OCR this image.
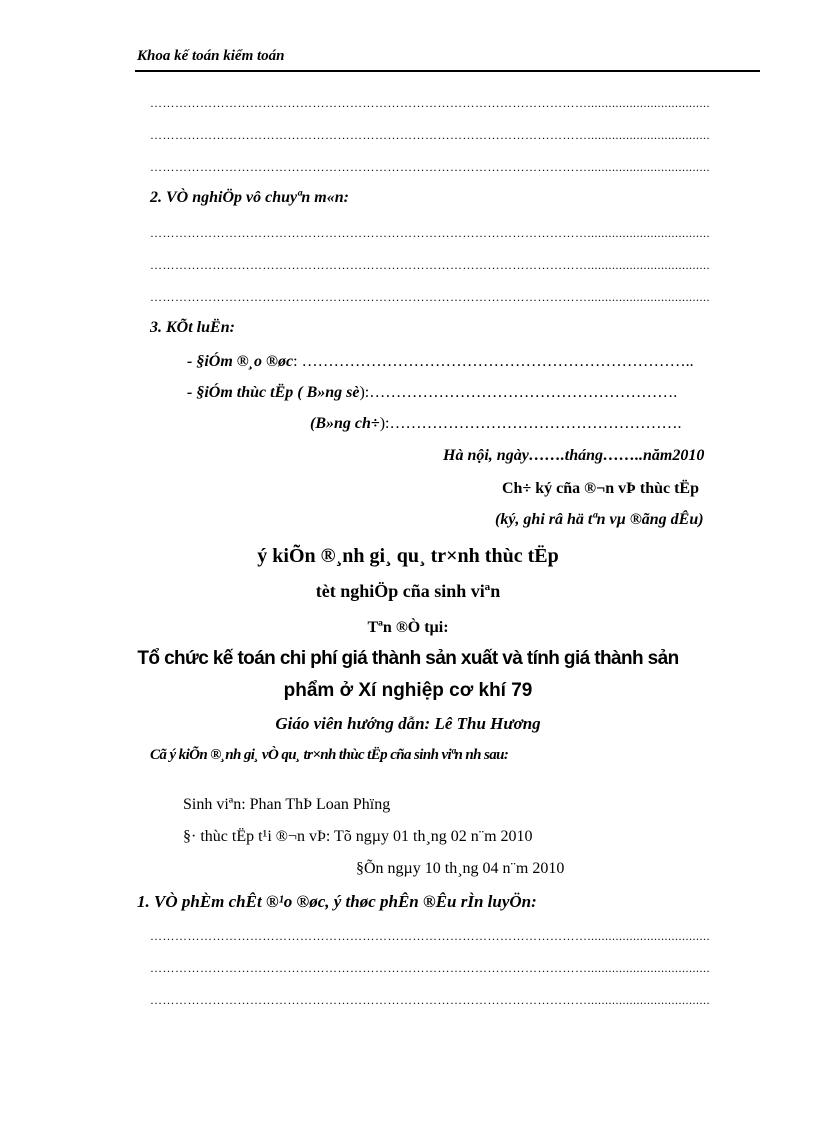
Khoa kế toán kiểm toán
……………………………………………………………………………………………...................................
……………………………………………………………………………………………...................................
……………………………………………………………………………………………...................................
2. VÒ nghiÖp vô chuyªn m«n:
……………………………………………………………………………………………...................................
……………………………………………………………………………………………...................................
……………………………………………………………………………………………...................................
3. KÕt luËn:
- §iÓm ®¸o ®øc: ………………………………………………………………..
- §iÓm thùc tËp ( B»ng sè):………………………………………………….
(B»ng ch÷):……………………………………………….
Hà nội, ngày…….tháng……..năm2010
Ch÷ ký cña ®¬n vÞ thùc tËp
(ký, ghi râ hä tªn vµ ®ãng dÊu)
ý kiÕn ®¸nh gi¸ qu¸ tr×nh thùc tËp
tèt nghiÖp cña sinh viªn
Tªn ®Ò tµi:
Tổ chức kế toán chi phí giá thành sản xuất và tính giá thành sản
phẩm ở Xí nghiệp cơ khí 79
Giáo viên hướng dẫn: Lê Thu Hương
Cã ý kiÕn ®¸nh gi¸ vÒ qu¸ tr×nh thùc tËp cña sinh viªn nh sau:
Sinh viªn: Phan ThÞ Loan Phïng
§· thùc tËp t¹i ®¬n vÞ: Tõ ngµy 01 th¸ng 02 n¨m 2010
§Õn ngµy 10 th¸ng 04 n¨m 2010
1. VÒ phÈm chÊt ®¹o ®øc, ý thøc phÊn ®Êu rÌn luyÖn:
……………………………………………………………………………………………...................................
……………………………………………………………………………………………...................................
……………………………………………………………………………………………...................................
